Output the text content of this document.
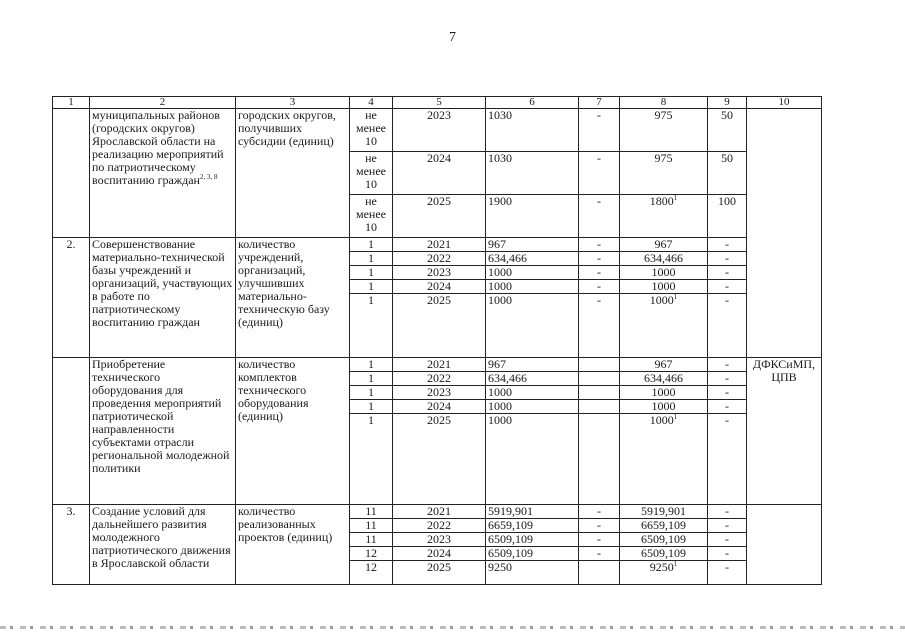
7
1	2	3	4	5	6	7	8	9	10
	муниципальных районов (городских округов) Ярославской области на реализацию мероприятий по патриотическому воспитанию граждан$^{2, 3, 8}$	городских округов, получивших субсидии (единиц)	не менее 10	2023	1030	-	975	50	
			не менее 10	2024	1030	-	975	50	
			не менее 10	2025	1900	-	1800$^1$	100	
2.	Совершенствование материально-технической базы учреждений и организаций, участвующих в работе по патриотическому воспитанию граждан	количество учреждений, организаций, улучшивших материально-техническую базу (единиц)	1	2021	967	-	967	-	
			1	2022	634,466	-	634,466	-	
			1	2023	1000	-	1000	-	
			1	2024	1000	-	1000	-	
			1	2025	1000	-	1000$^1$	-	
	Приобретение технического оборудования для проведения мероприятий патриотической направленности субъектами отрасли региональной молодежной политики	количество комплектов технического оборудования (единиц)	1	2021	967		967	-	ДФКСиМП, ЦПВ
			1	2022	634,466		634,466	-	
			1	2023	1000		1000	-	
			1	2024	1000		1000	-	
			1	2025	1000		1000$^1$	-	
3.	Создание условий для дальнейшего развития молодежного патриотического движения в Ярославской области	количество реализованных проектов (единиц)	11	2021	5919,901	-	5919,901	-	
			11	2022	6659,109	-	6659,109	-	
			11	2023	6509,109	-	6509,109	-	
			12	2024	6509,109	-	6509,109	-	
			12	2025	9250		9250$^1$	-	
